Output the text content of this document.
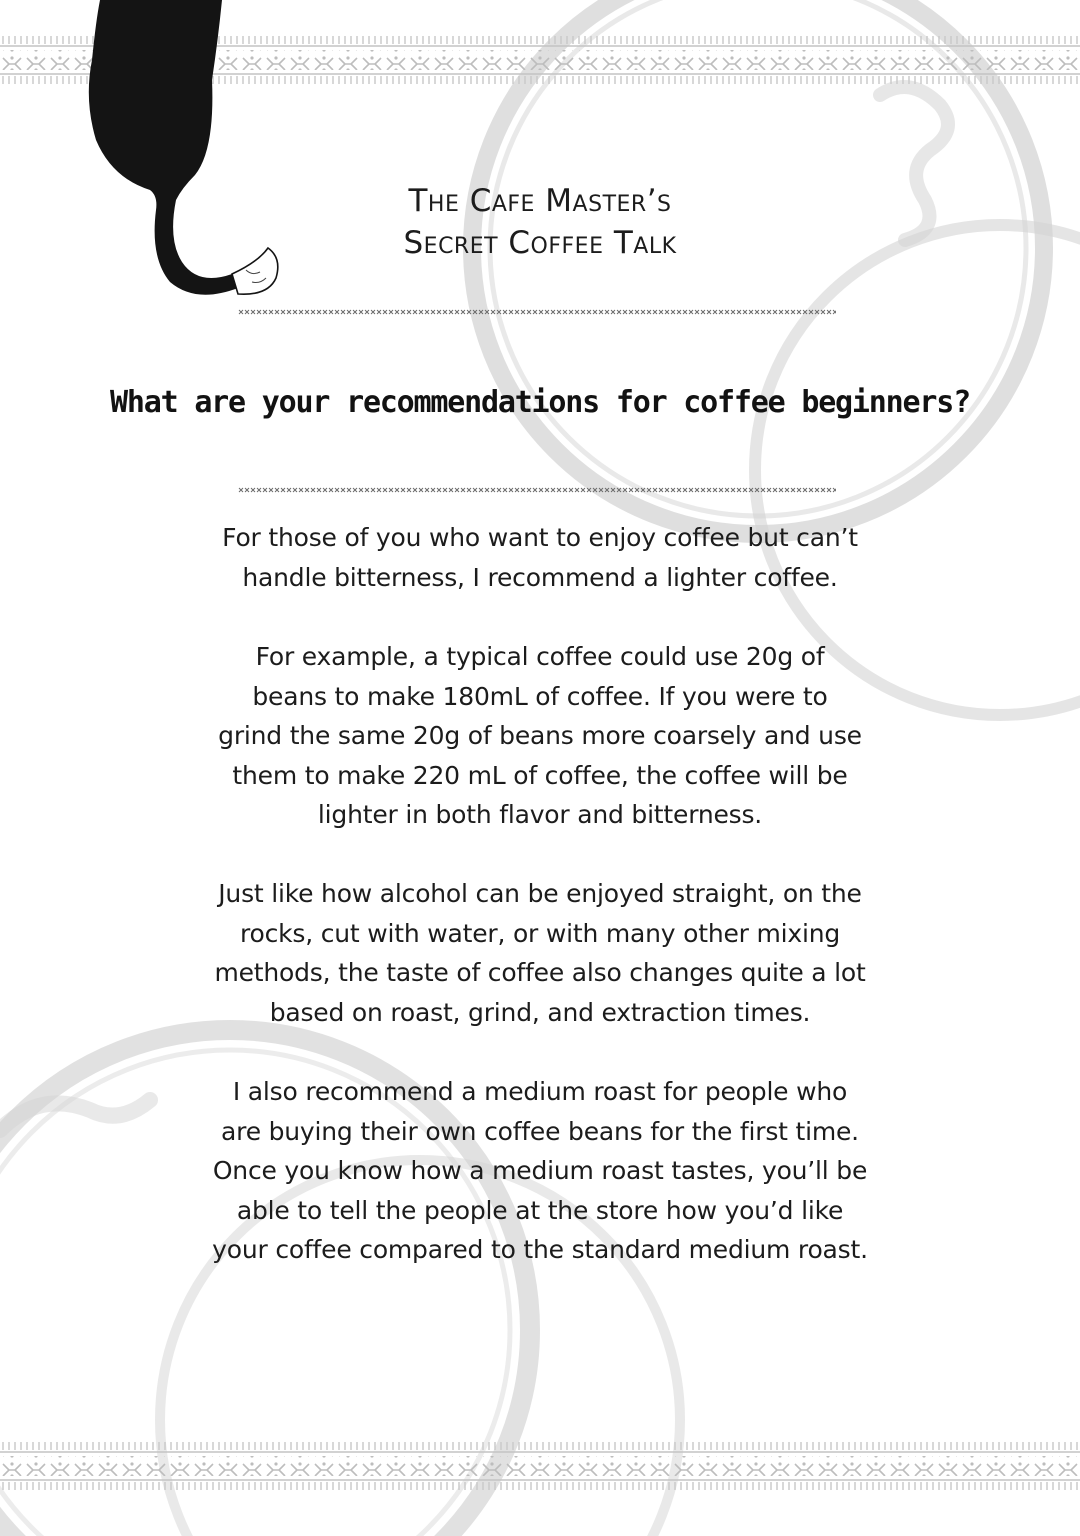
The Cafe Master’s
Secret Coffee Talk
What are your recommendations for coffee beginners?
For those of you who want to enjoy coffee but can’t
handle bitterness, I recommend a lighter coffee.
For example, a typical coffee could use 20g of
beans to make 180mL of coffee. If you were to
grind the same 20g of beans more coarsely and use
them to make 220 mL of coffee, the coffee will be
lighter in both flavor and bitterness.
Just like how alcohol can be enjoyed straight, on the
rocks, cut with water, or with many other mixing
methods, the taste of coffee also changes quite a lot
based on roast, grind, and extraction times.
I also recommend a medium roast for people who
are buying their own coffee beans for the first time.
Once you know how a medium roast tastes, you’ll be
able to tell the people at the store how you’d like
your coffee compared to the standard medium roast.
